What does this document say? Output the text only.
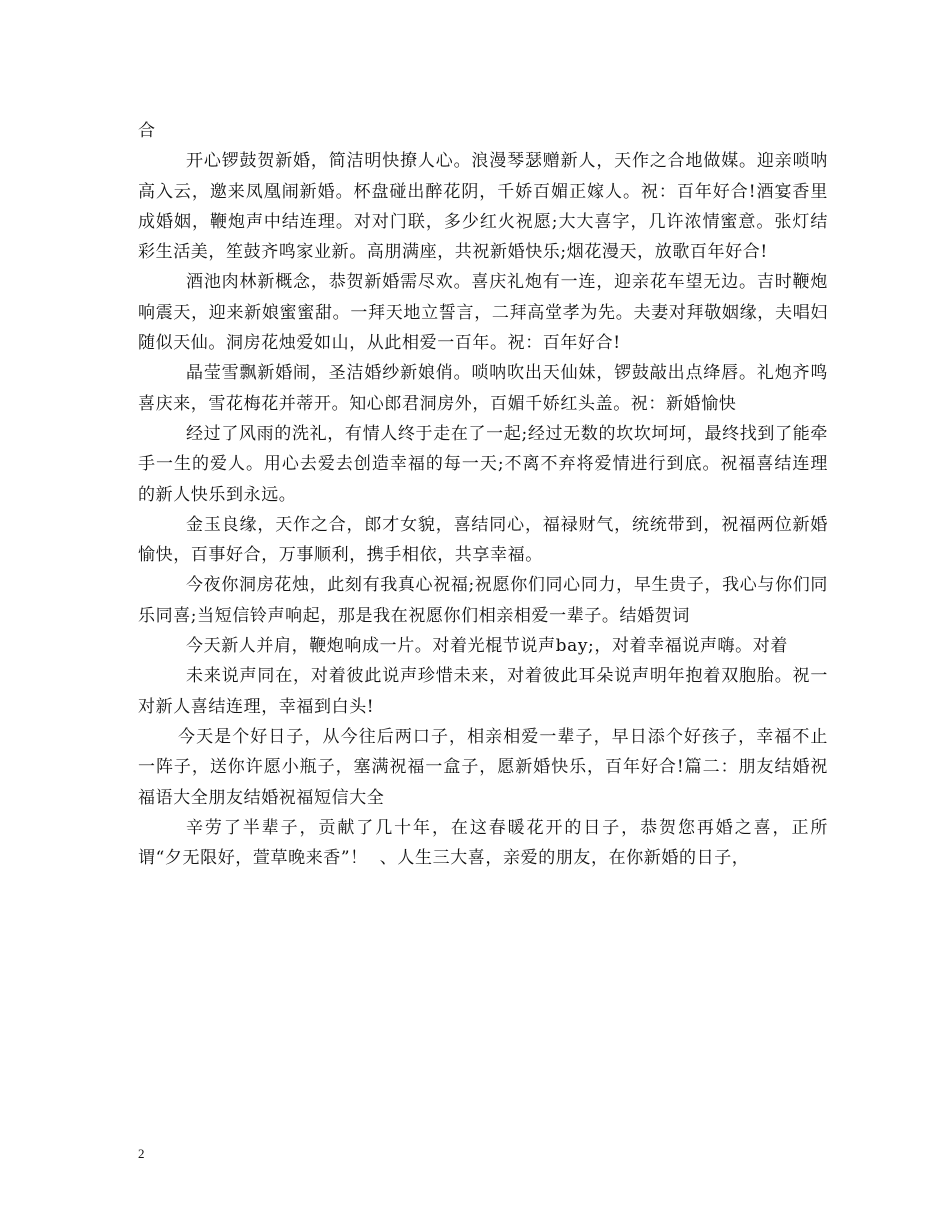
合

开心锣鼓贺新婚，简洁明快撩人心。浪漫琴瑟赠新人，天作之合地做媒。迎亲唢呐高入云，邀来凤凰闹新婚。杯盘碰出醉花阴，千娇百媚正嫁人。祝：百年好合!酒宴香里成婚姻，鞭炮声中结连理。对对门联，多少红火祝愿;大大喜字，几许浓情蜜意。张灯结彩生活美，笙鼓齐鸣家业新。高朋满座，共祝新婚快乐;烟花漫天，放歌百年好合!

酒池肉林新概念，恭贺新婚需尽欢。喜庆礼炮有一连，迎亲花车望无边。吉时鞭炮响震天，迎来新娘蜜蜜甜。一拜天地立誓言，二拜高堂孝为先。夫妻对拜敬姻缘，夫唱妇随似天仙。洞房花烛爱如山，从此相爱一百年。祝：百年好合!

晶莹雪飘新婚闹，圣洁婚纱新娘俏。唢呐吹出天仙妹，锣鼓敲出点绛唇。礼炮齐鸣喜庆来，雪花梅花并蒂开。知心郎君洞房外，百媚千娇红头盖。祝：新婚愉快

经过了风雨的洗礼，有情人终于走在了一起;经过无数的坎坎坷坷，最终找到了能牵手一生的爱人。用心去爱去创造幸福的每一天;不离不弃将爱情进行到底。祝福喜结连理的新人快乐到永远。

金玉良缘，天作之合，郎才女貌，喜结同心，福禄财气，统统带到，祝福两位新婚愉快，百事好合，万事顺利，携手相依，共享幸福。

今夜你洞房花烛，此刻有我真心祝福;祝愿你们同心同力，早生贵子，我心与你们同乐同喜;当短信铃声响起，那是我在祝愿你们相亲相爱一辈子。结婚贺词

今天新人并肩，鞭炮响成一片。对着光棍节说声bay;，对着幸福说声嗨。对着

未来说声同在，对着彼此说声珍惜未来，对着彼此耳朵说声明年抱着双胞胎。祝一对新人喜结连理，幸福到白头!

今天是个好日子，从今往后两口子，相亲相爱一辈子，早日添个好孩子，幸福不止一阵子，送你许愿小瓶子，塞满祝福一盒子，愿新婚快乐，百年好合!篇二：朋友结婚祝福语大全朋友结婚祝福短信大全

辛劳了半辈子，贡献了几十年，在这春暖花开的日子，恭贺您再婚之喜，正所谓“夕无限好，萱草晚来香”！  、人生三大喜，亲爱的朋友，在你新婚的日子，

2
